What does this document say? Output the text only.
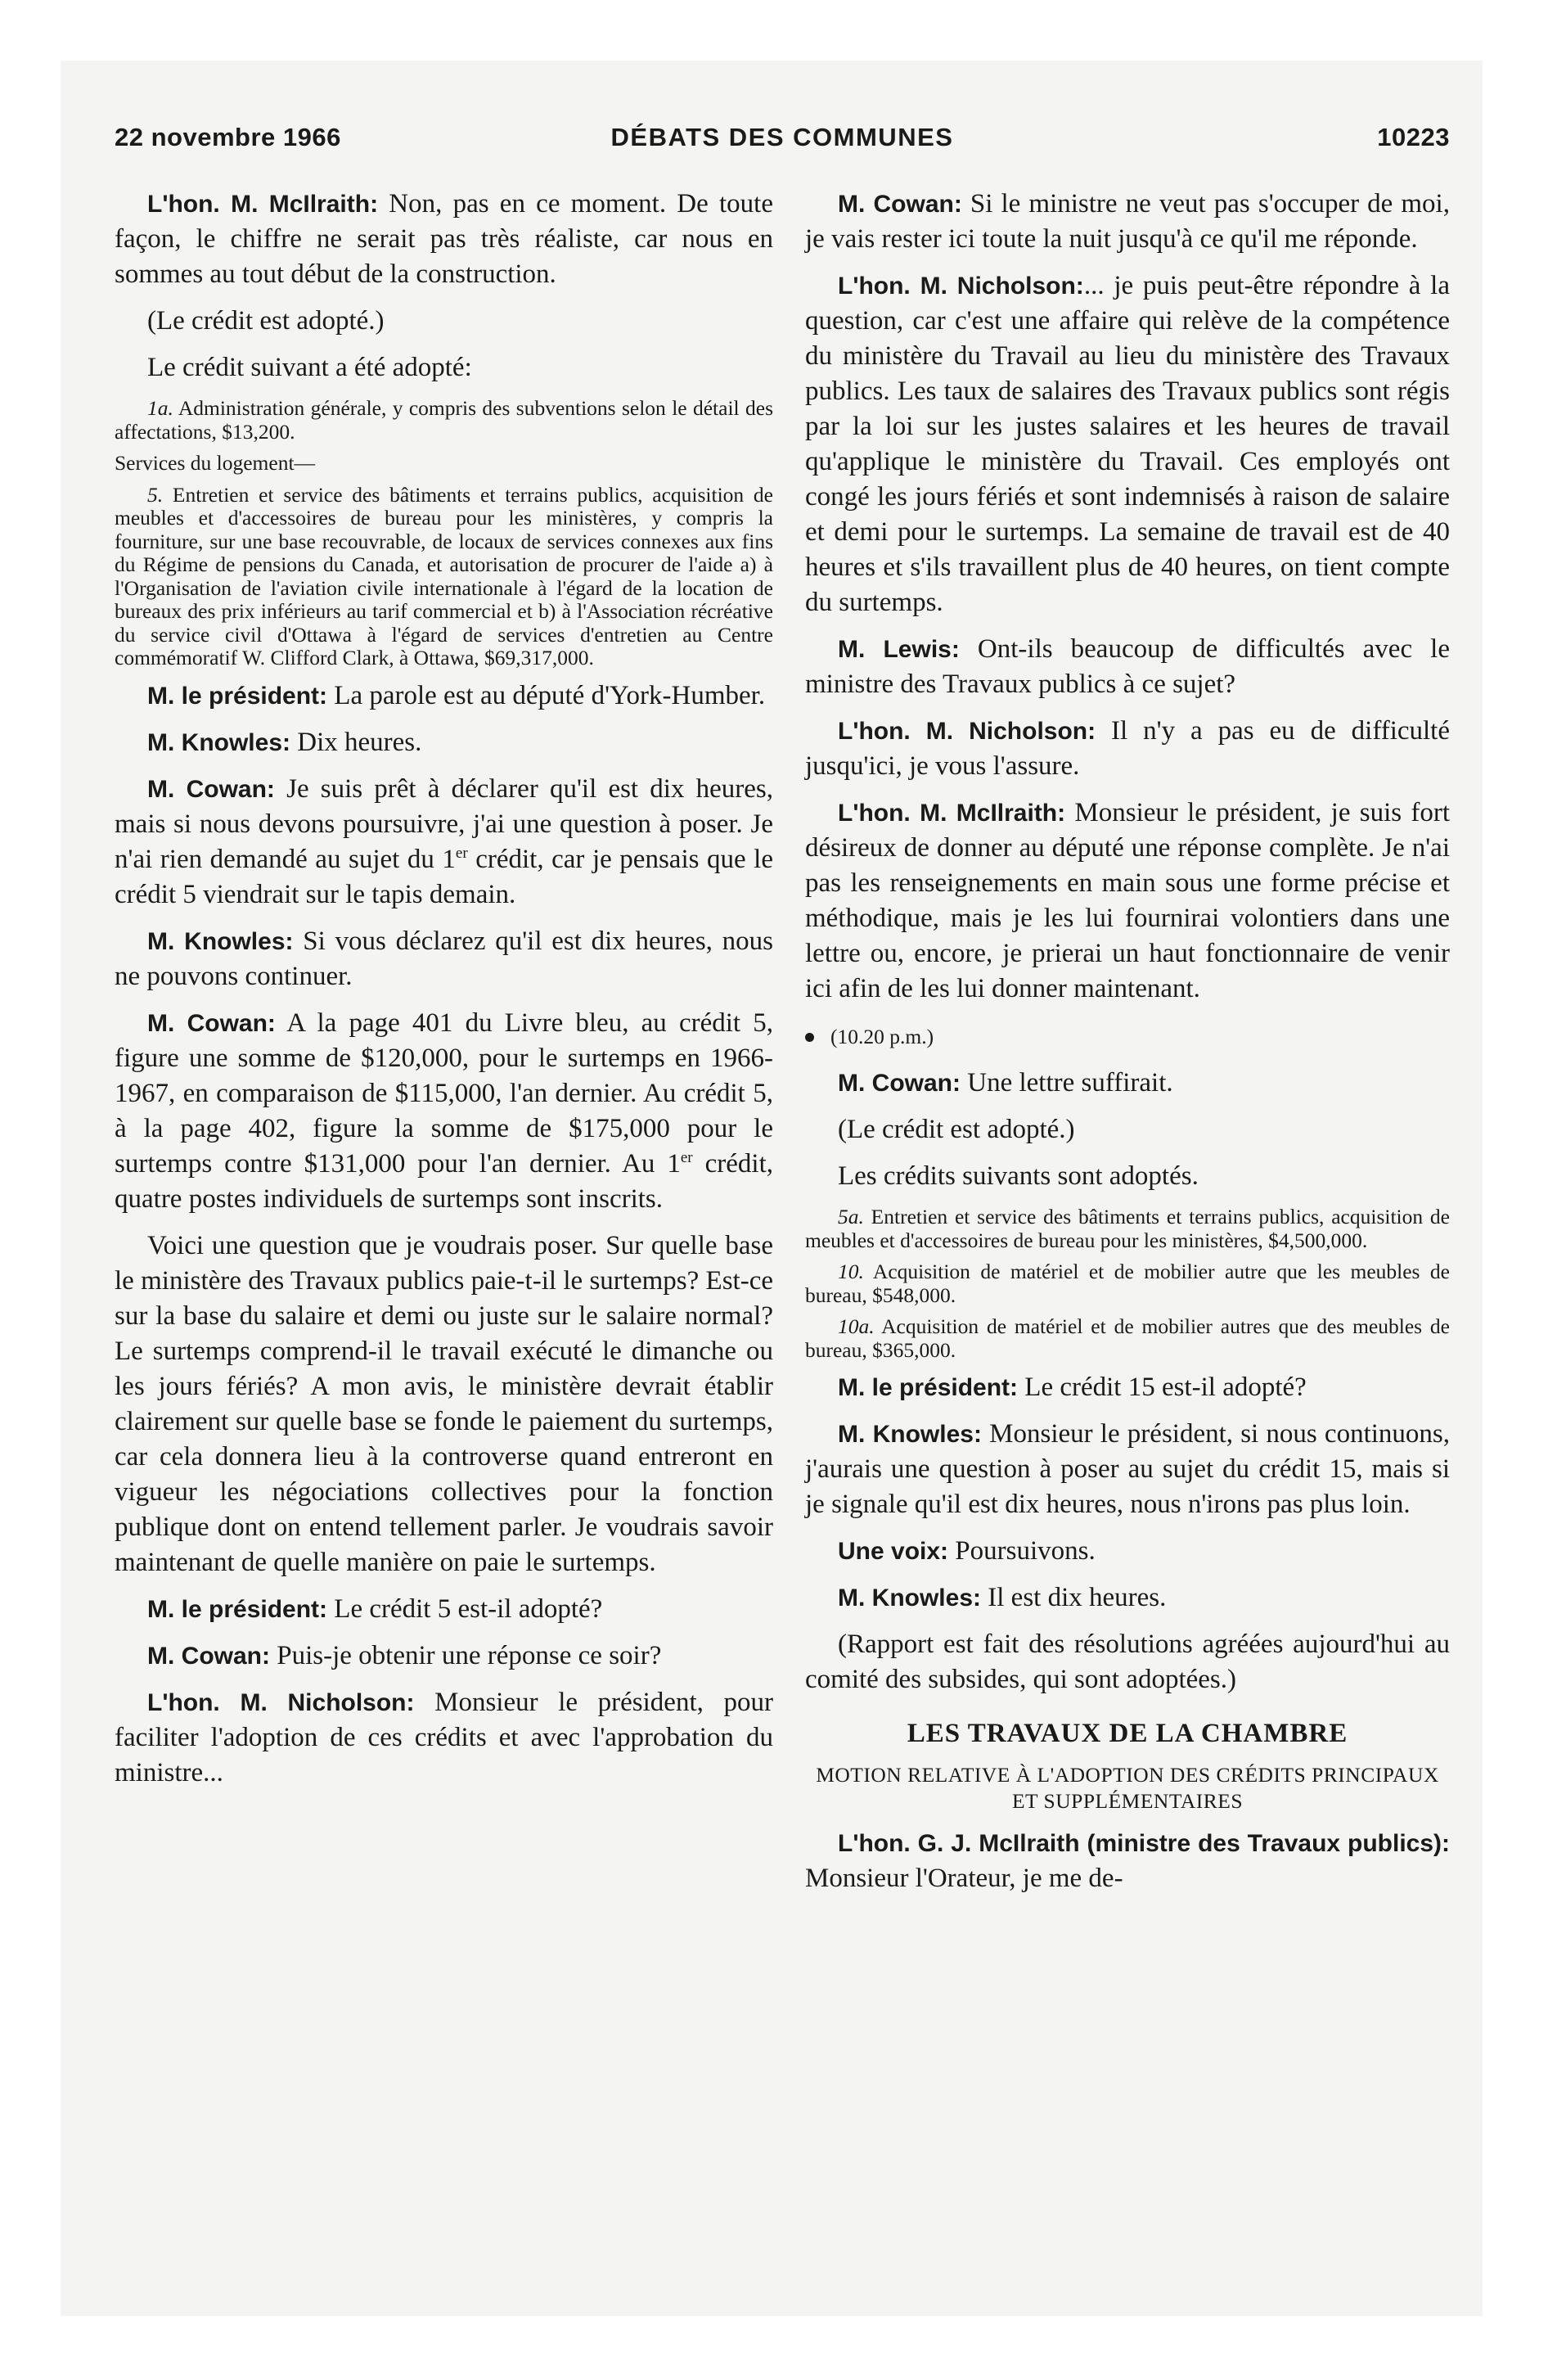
22 novembre 1966	DÉBATS DES COMMUNES	10223

L'hon. M. McIlraith: Non, pas en ce moment. De toute façon, le chiffre ne serait pas très réaliste, car nous en sommes au tout début de la construction.

(Le crédit est adopté.)

Le crédit suivant a été adopté:

1a. Administration générale, y compris des subventions selon le détail des affectations, $13,200.

Services du logement—

5. Entretien et service des bâtiments et terrains publics, acquisition de meubles et d'accessoires de bureau pour les ministères, y compris la fourniture, sur une base recouvrable, de locaux de services connexes aux fins du Régime de pensions du Canada, et autorisation de procurer de l'aide a) à l'Organisation de l'aviation civile internationale à l'égard de la location de bureaux des prix inférieurs au tarif commercial et b) à l'Association récréative du service civil d'Ottawa à l'égard de services d'entretien au Centre commémoratif W. Clifford Clark, à Ottawa, $69,317,000.

M. le président: La parole est au député d'York-Humber.

M. Knowles: Dix heures.

M. Cowan: Je suis prêt à déclarer qu'il est dix heures, mais si nous devons poursuivre, j'ai une question à poser. Je n'ai rien demandé au sujet du 1er crédit, car je pensais que le crédit 5 viendrait sur le tapis demain.

M. Knowles: Si vous déclarez qu'il est dix heures, nous ne pouvons continuer.

M. Cowan: A la page 401 du Livre bleu, au crédit 5, figure une somme de $120,000, pour le surtemps en 1966-1967, en comparaison de $115,000, l'an dernier. Au crédit 5, à la page 402, figure la somme de $175,000 pour le surtemps contre $131,000 pour l'an dernier. Au 1er crédit, quatre postes individuels de surtemps sont inscrits.

Voici une question que je voudrais poser. Sur quelle base le ministère des Travaux publics paie-t-il le surtemps? Est-ce sur la base du salaire et demi ou juste sur le salaire normal? Le surtemps comprend-il le travail exécuté le dimanche ou les jours fériés? A mon avis, le ministère devrait établir clairement sur quelle base se fonde le paiement du surtemps, car cela donnera lieu à la controverse quand entreront en vigueur les négociations collectives pour la fonction publique dont on entend tellement parler. Je voudrais savoir maintenant de quelle manière on paie le surtemps.

M. le président: Le crédit 5 est-il adopté?

M. Cowan: Puis-je obtenir une réponse ce soir?

L'hon. M. Nicholson: Monsieur le président, pour faciliter l'adoption de ces crédits et avec l'approbation du ministre...

M. Cowan: Si le ministre ne veut pas s'occuper de moi, je vais rester ici toute la nuit jusqu'à ce qu'il me réponde.

L'hon. M. Nicholson:... je puis peut-être répondre à la question, car c'est une affaire qui relève de la compétence du ministère du Travail au lieu du ministère des Travaux publics. Les taux de salaires des Travaux publics sont régis par la loi sur les justes salaires et les heures de travail qu'applique le ministère du Travail. Ces employés ont congé les jours fériés et sont indemnisés à raison de salaire et demi pour le surtemps. La semaine de travail est de 40 heures et s'ils travaillent plus de 40 heures, on tient compte du surtemps.

M. Lewis: Ont-ils beaucoup de difficultés avec le ministre des Travaux publics à ce sujet?

L'hon. M. Nicholson: Il n'y a pas eu de difficulté jusqu'ici, je vous l'assure.

L'hon. M. McIlraith: Monsieur le président, je suis fort désireux de donner au député une réponse complète. Je n'ai pas les renseignements en main sous une forme précise et méthodique, mais je les lui fournirai volontiers dans une lettre ou, encore, je prierai un haut fonctionnaire de venir ici afin de les lui donner maintenant.

(10.20 p.m.)

M. Cowan: Une lettre suffirait.

(Le crédit est adopté.)

Les crédits suivants sont adoptés.

5a. Entretien et service des bâtiments et terrains publics, acquisition de meubles et d'accessoires de bureau pour les ministères, $4,500,000.

10. Acquisition de matériel et de mobilier autre que les meubles de bureau, $548,000.

10a. Acquisition de matériel et de mobilier autres que des meubles de bureau, $365,000.

M. le président: Le crédit 15 est-il adopté?

M. Knowles: Monsieur le président, si nous continuons, j'aurais une question à poser au sujet du crédit 15, mais si je signale qu'il est dix heures, nous n'irons pas plus loin.

Une voix: Poursuivons.

M. Knowles: Il est dix heures.

(Rapport est fait des résolutions agréées aujourd'hui au comité des subsides, qui sont adoptées.)

LES TRAVAUX DE LA CHAMBRE
MOTION RELATIVE À L'ADOPTION DES CRÉDITS PRINCIPAUX ET SUPPLÉMENTAIRES

L'hon. G. J. McIlraith (ministre des Travaux publics): Monsieur l'Orateur, je me de-
